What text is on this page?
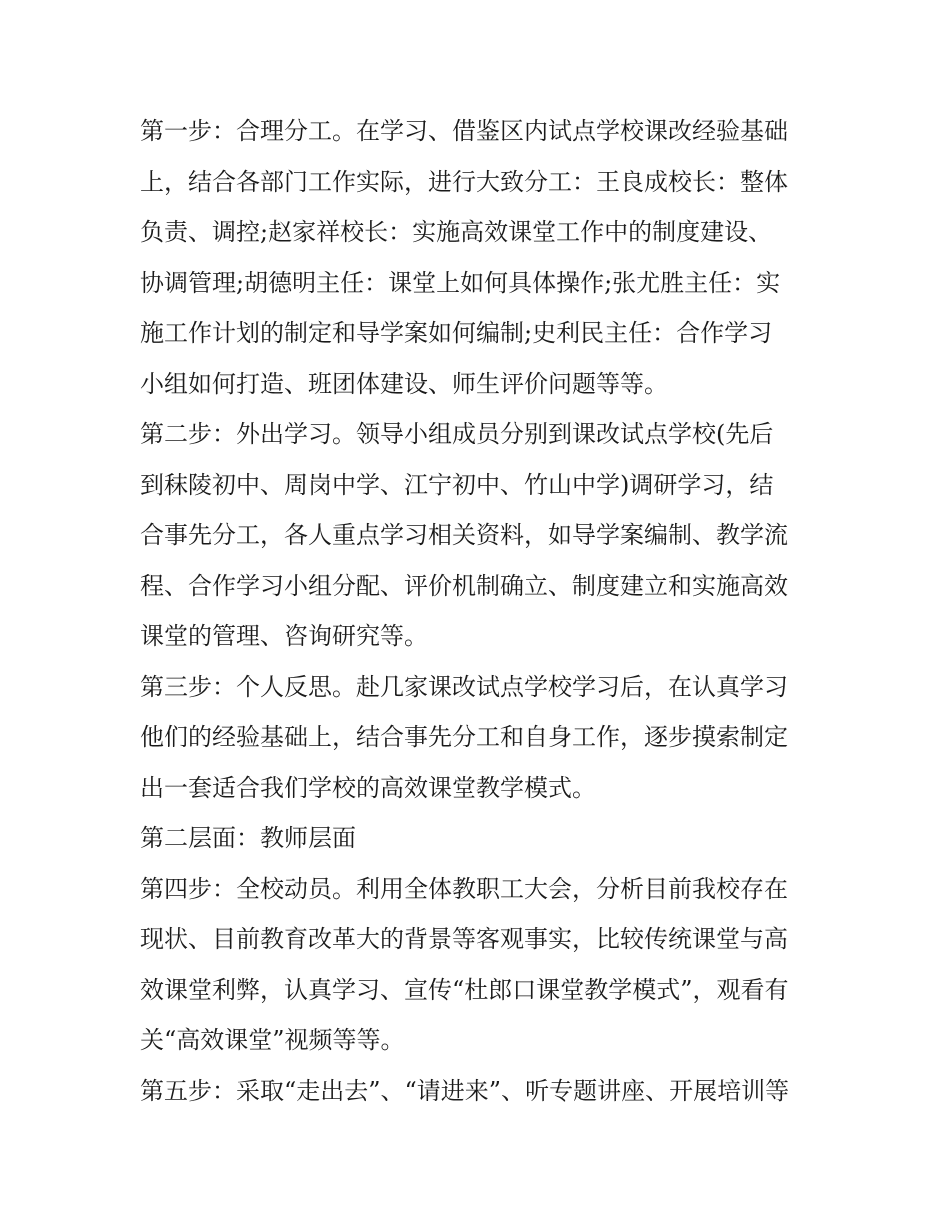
第一步：合理分工。在学习、借鉴区内试点学校课改经验基础
上，结合各部门工作实际，进行大致分工：王良成校长：整体
负责、调控;赵家祥校长：实施高效课堂工作中的制度建设、
协调管理;胡德明主任：课堂上如何具体操作;张尤胜主任：实
施工作计划的制定和导学案如何编制;史利民主任：合作学习
小组如何打造、班团体建设、师生评价问题等等。
第二步：外出学习。领导小组成员分别到课改试点学校(先后
到秣陵初中、周岗中学、江宁初中、竹山中学)调研学习，结
合事先分工，各人重点学习相关资料，如导学案编制、教学流
程、合作学习小组分配、评价机制确立、制度建立和实施高效
课堂的管理、咨询研究等。
第三步：个人反思。赴几家课改试点学校学习后，在认真学习
他们的经验基础上，结合事先分工和自身工作，逐步摸索制定
出一套适合我们学校的高效课堂教学模式。
第二层面：教师层面
第四步：全校动员。利用全体教职工大会，分析目前我校存在
现状、目前教育改革大的背景等客观事实，比较传统课堂与高
效课堂利弊，认真学习、宣传“杜郎口课堂教学模式”，观看有
关“高效课堂”视频等等。
第五步：采取“走出去”、“请进来”、听专题讲座、开展培训等
